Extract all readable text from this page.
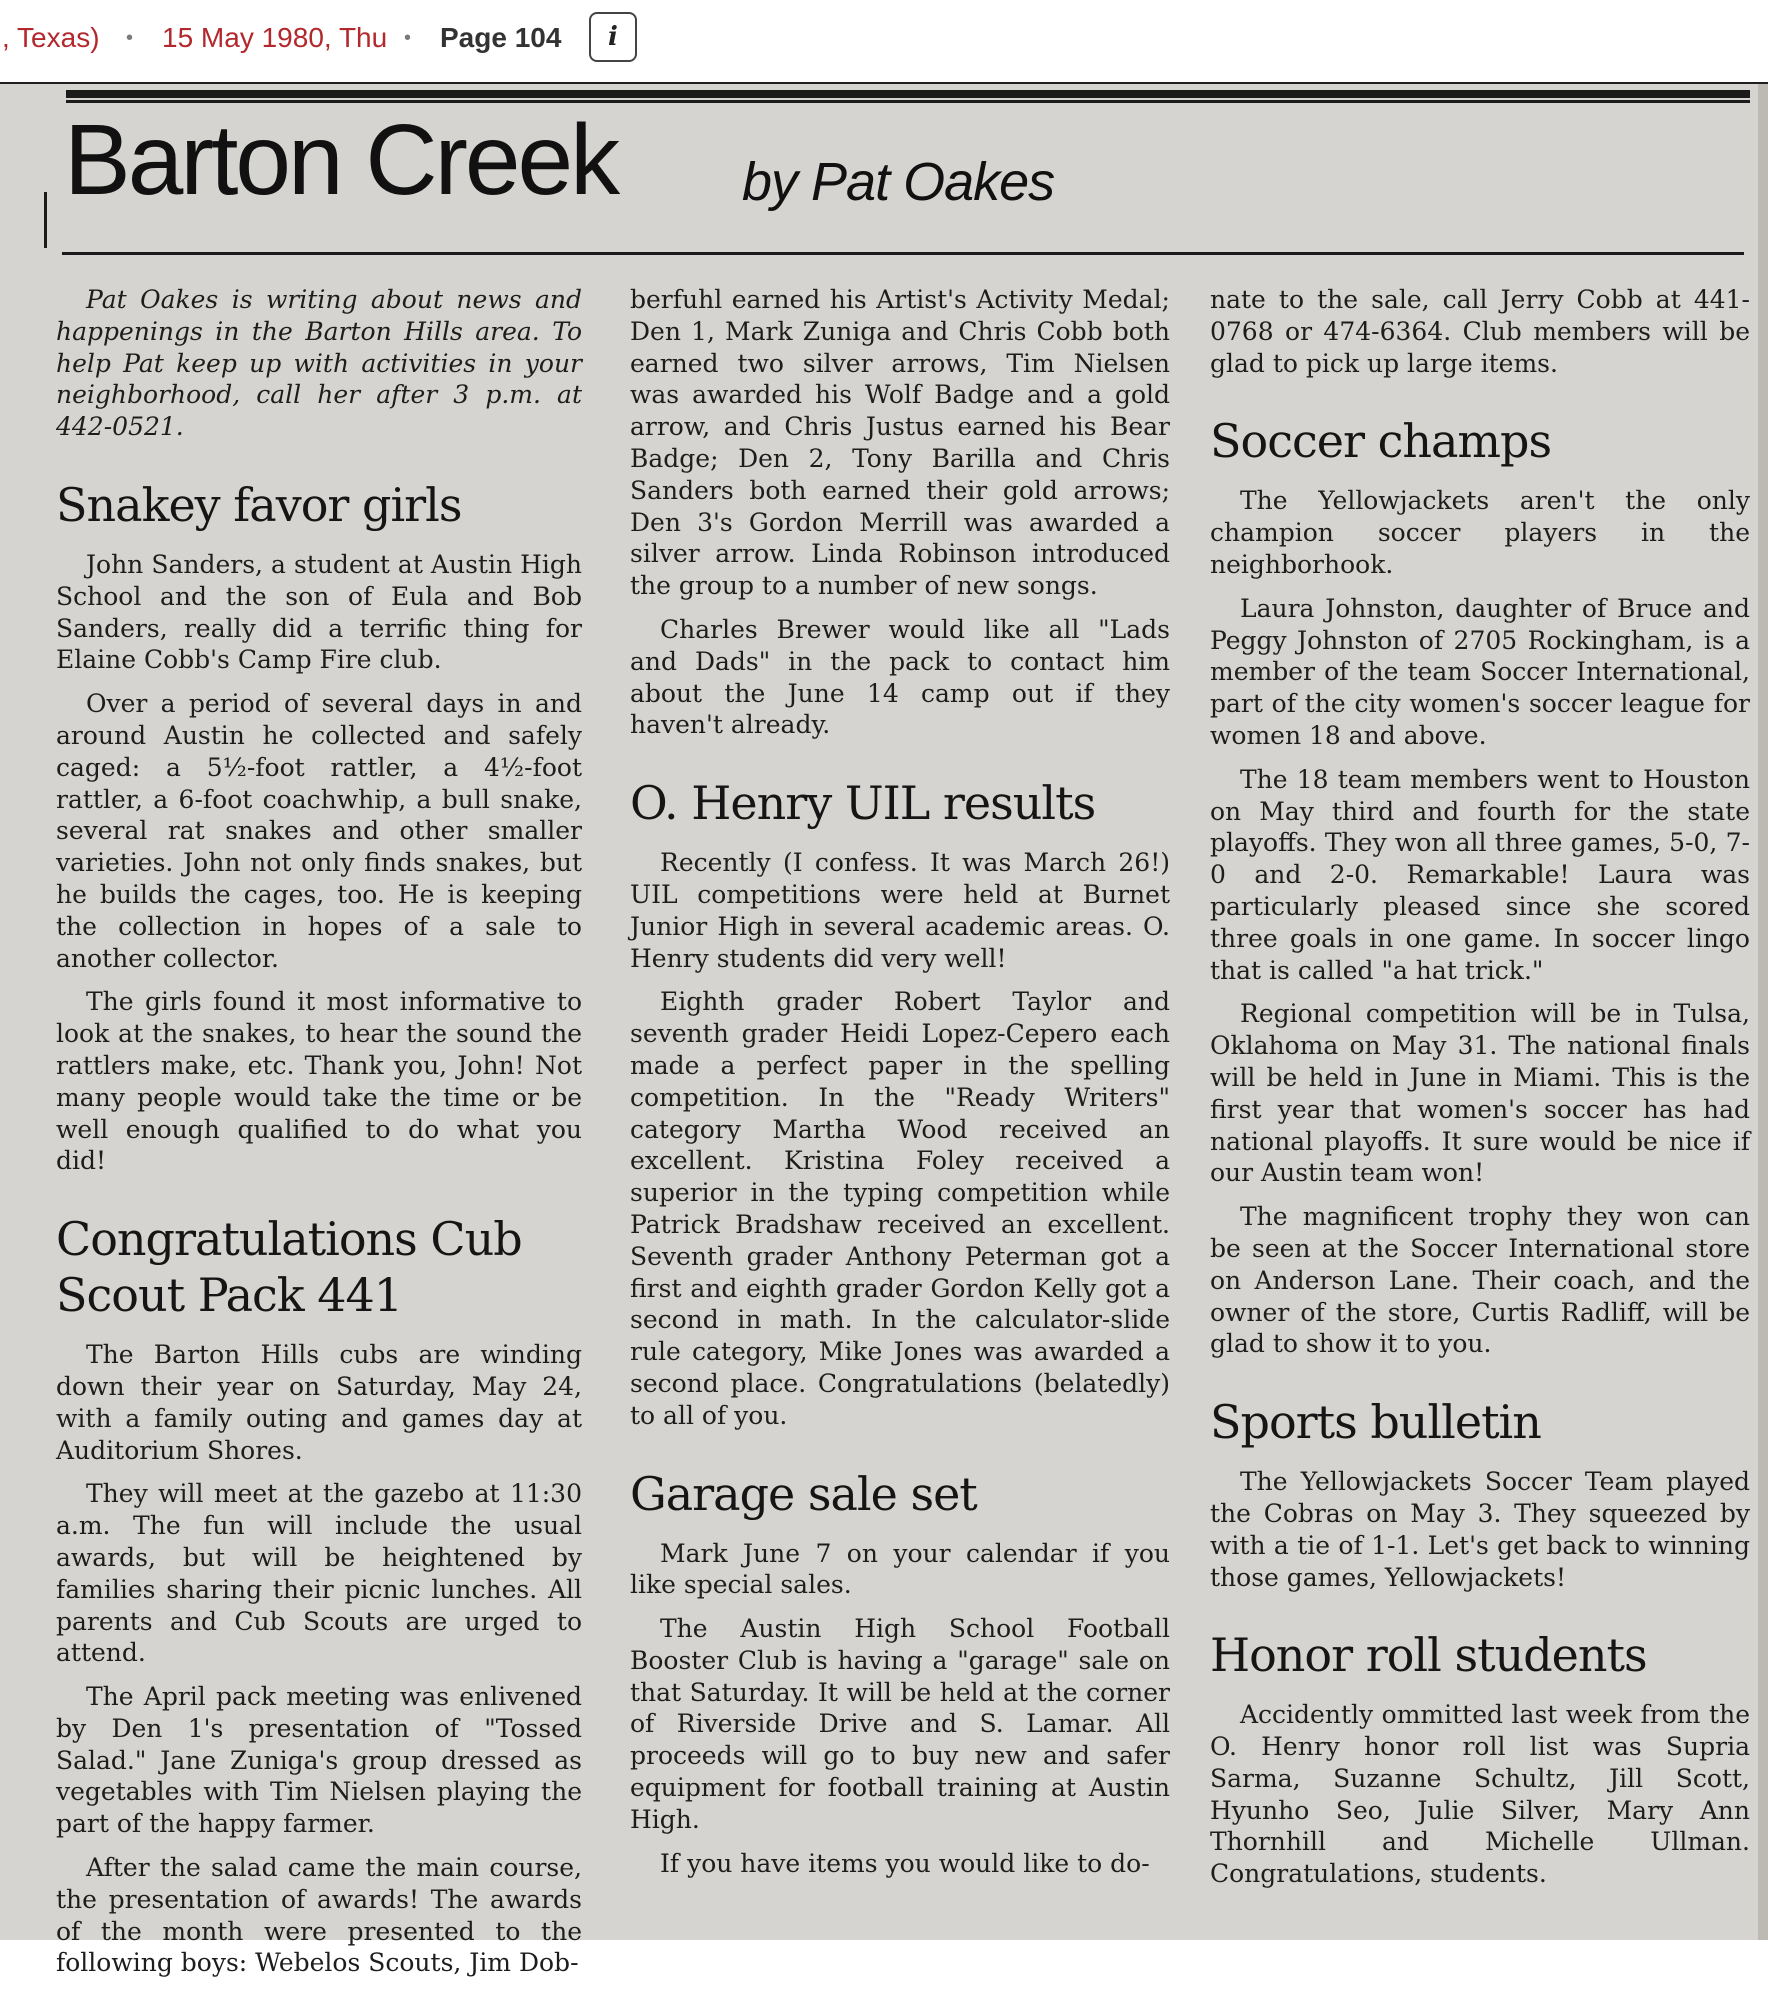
, Texas) • 15 May 1980, Thu • Page 104	i
Barton Creek by Pat Oakes

Pat Oakes is writing about news and happenings in the Barton Hills area. To help Pat keep up with activities in your neighborhood, call her after 3 p.m. at 442-0521.

Snakey favor girls

John Sanders, a student at Austin High School and the son of Eula and Bob Sanders, really did a terrific thing for Elaine Cobb's Camp Fire club.

Over a period of several days in and around Austin he collected and safely caged: a 5½-foot rattler, a 4½-foot rattler, a 6-foot coachwhip, a bull snake, several rat snakes and other smaller varieties. John not only finds snakes, but he builds the cages, too. He is keeping the collection in hopes of a sale to another collector.

The girls found it most informative to look at the snakes, to hear the sound the rattlers make, etc. Thank you, John! Not many people would take the time or be well enough qualified to do what you did!

Congratulations Cub Scout Pack 441

The Barton Hills cubs are winding down their year on Saturday, May 24, with a family outing and games day at Auditorium Shores.

They will meet at the gazebo at 11:30 a.m. The fun will include the usual awards, but will be heightened by families sharing their picnic lunches. All parents and Cub Scouts are urged to attend.

The April pack meeting was enlivened by Den 1's presentation of "Tossed Salad." Jane Zuniga's group dressed as vegetables with Tim Nielsen playing the part of the happy farmer.

After the salad came the main course, the presentation of awards! The awards of the month were presented to the following boys: Webelos Scouts, Jim Dob-

berfuhl earned his Artist's Activity Medal; Den 1, Mark Zuniga and Chris Cobb both earned two silver arrows, Tim Nielsen was awarded his Wolf Badge and a gold arrow, and Chris Justus earned his Bear Badge; Den 2, Tony Barilla and Chris Sanders both earned their gold arrows; Den 3's Gordon Merrill was awarded a silver arrow. Linda Robinson introduced the group to a number of new songs.

Charles Brewer would like all "Lads and Dads" in the pack to contact him about the June 14 camp out if they haven't already.

O. Henry UIL results

Recently (I confess. It was March 26!) UIL competitions were held at Burnet Junior High in several academic areas. O. Henry students did very well!

Eighth grader Robert Taylor and seventh grader Heidi Lopez-Cepero each made a perfect paper in the spelling competition. In the "Ready Writers" category Martha Wood received an excellent. Kristina Foley received a superior in the typing competition while Patrick Bradshaw received an excellent. Seventh grader Anthony Peterman got a first and eighth grader Gordon Kelly got a second in math. In the calculator-slide rule category, Mike Jones was awarded a second place. Congratulations (belatedly) to all of you.

Garage sale set

Mark June 7 on your calendar if you like special sales.

The Austin High School Football Booster Club is having a "garage" sale on that Saturday. It will be held at the corner of Riverside Drive and S. Lamar. All proceeds will go to buy new and safer equipment for football training at Austin High.

If you have items you would like to do-

nate to the sale, call Jerry Cobb at 441-0768 or 474-6364. Club members will be glad to pick up large items.

Soccer champs

The Yellowjackets aren't the only champion soccer players in the neighborhook.

Laura Johnston, daughter of Bruce and Peggy Johnston of 2705 Rockingham, is a member of the team Soccer International, part of the city women's soccer league for women 18 and above.

The 18 team members went to Houston on May third and fourth for the state playoffs. They won all three games, 5-0, 7-0 and 2-0. Remarkable! Laura was particularly pleased since she scored three goals in one game. In soccer lingo that is called "a hat trick."

Regional competition will be in Tulsa, Oklahoma on May 31. The national finals will be held in June in Miami. This is the first year that women's soccer has had national playoffs. It sure would be nice if our Austin team won!

The magnificent trophy they won can be seen at the Soccer International store on Anderson Lane. Their coach, and the owner of the store, Curtis Radliff, will be glad to show it to you.

Sports bulletin

The Yellowjackets Soccer Team played the Cobras on May 3. They squeezed by with a tie of 1-1. Let's get back to winning those games, Yellowjackets!

Honor roll students

Accidently ommitted last week from the O. Henry honor roll list was Supria Sarma, Suzanne Schultz, Jill Scott, Hyunho Seo, Julie Silver, Mary Ann Thornhill and Michelle Ullman. Congratulations, students.
